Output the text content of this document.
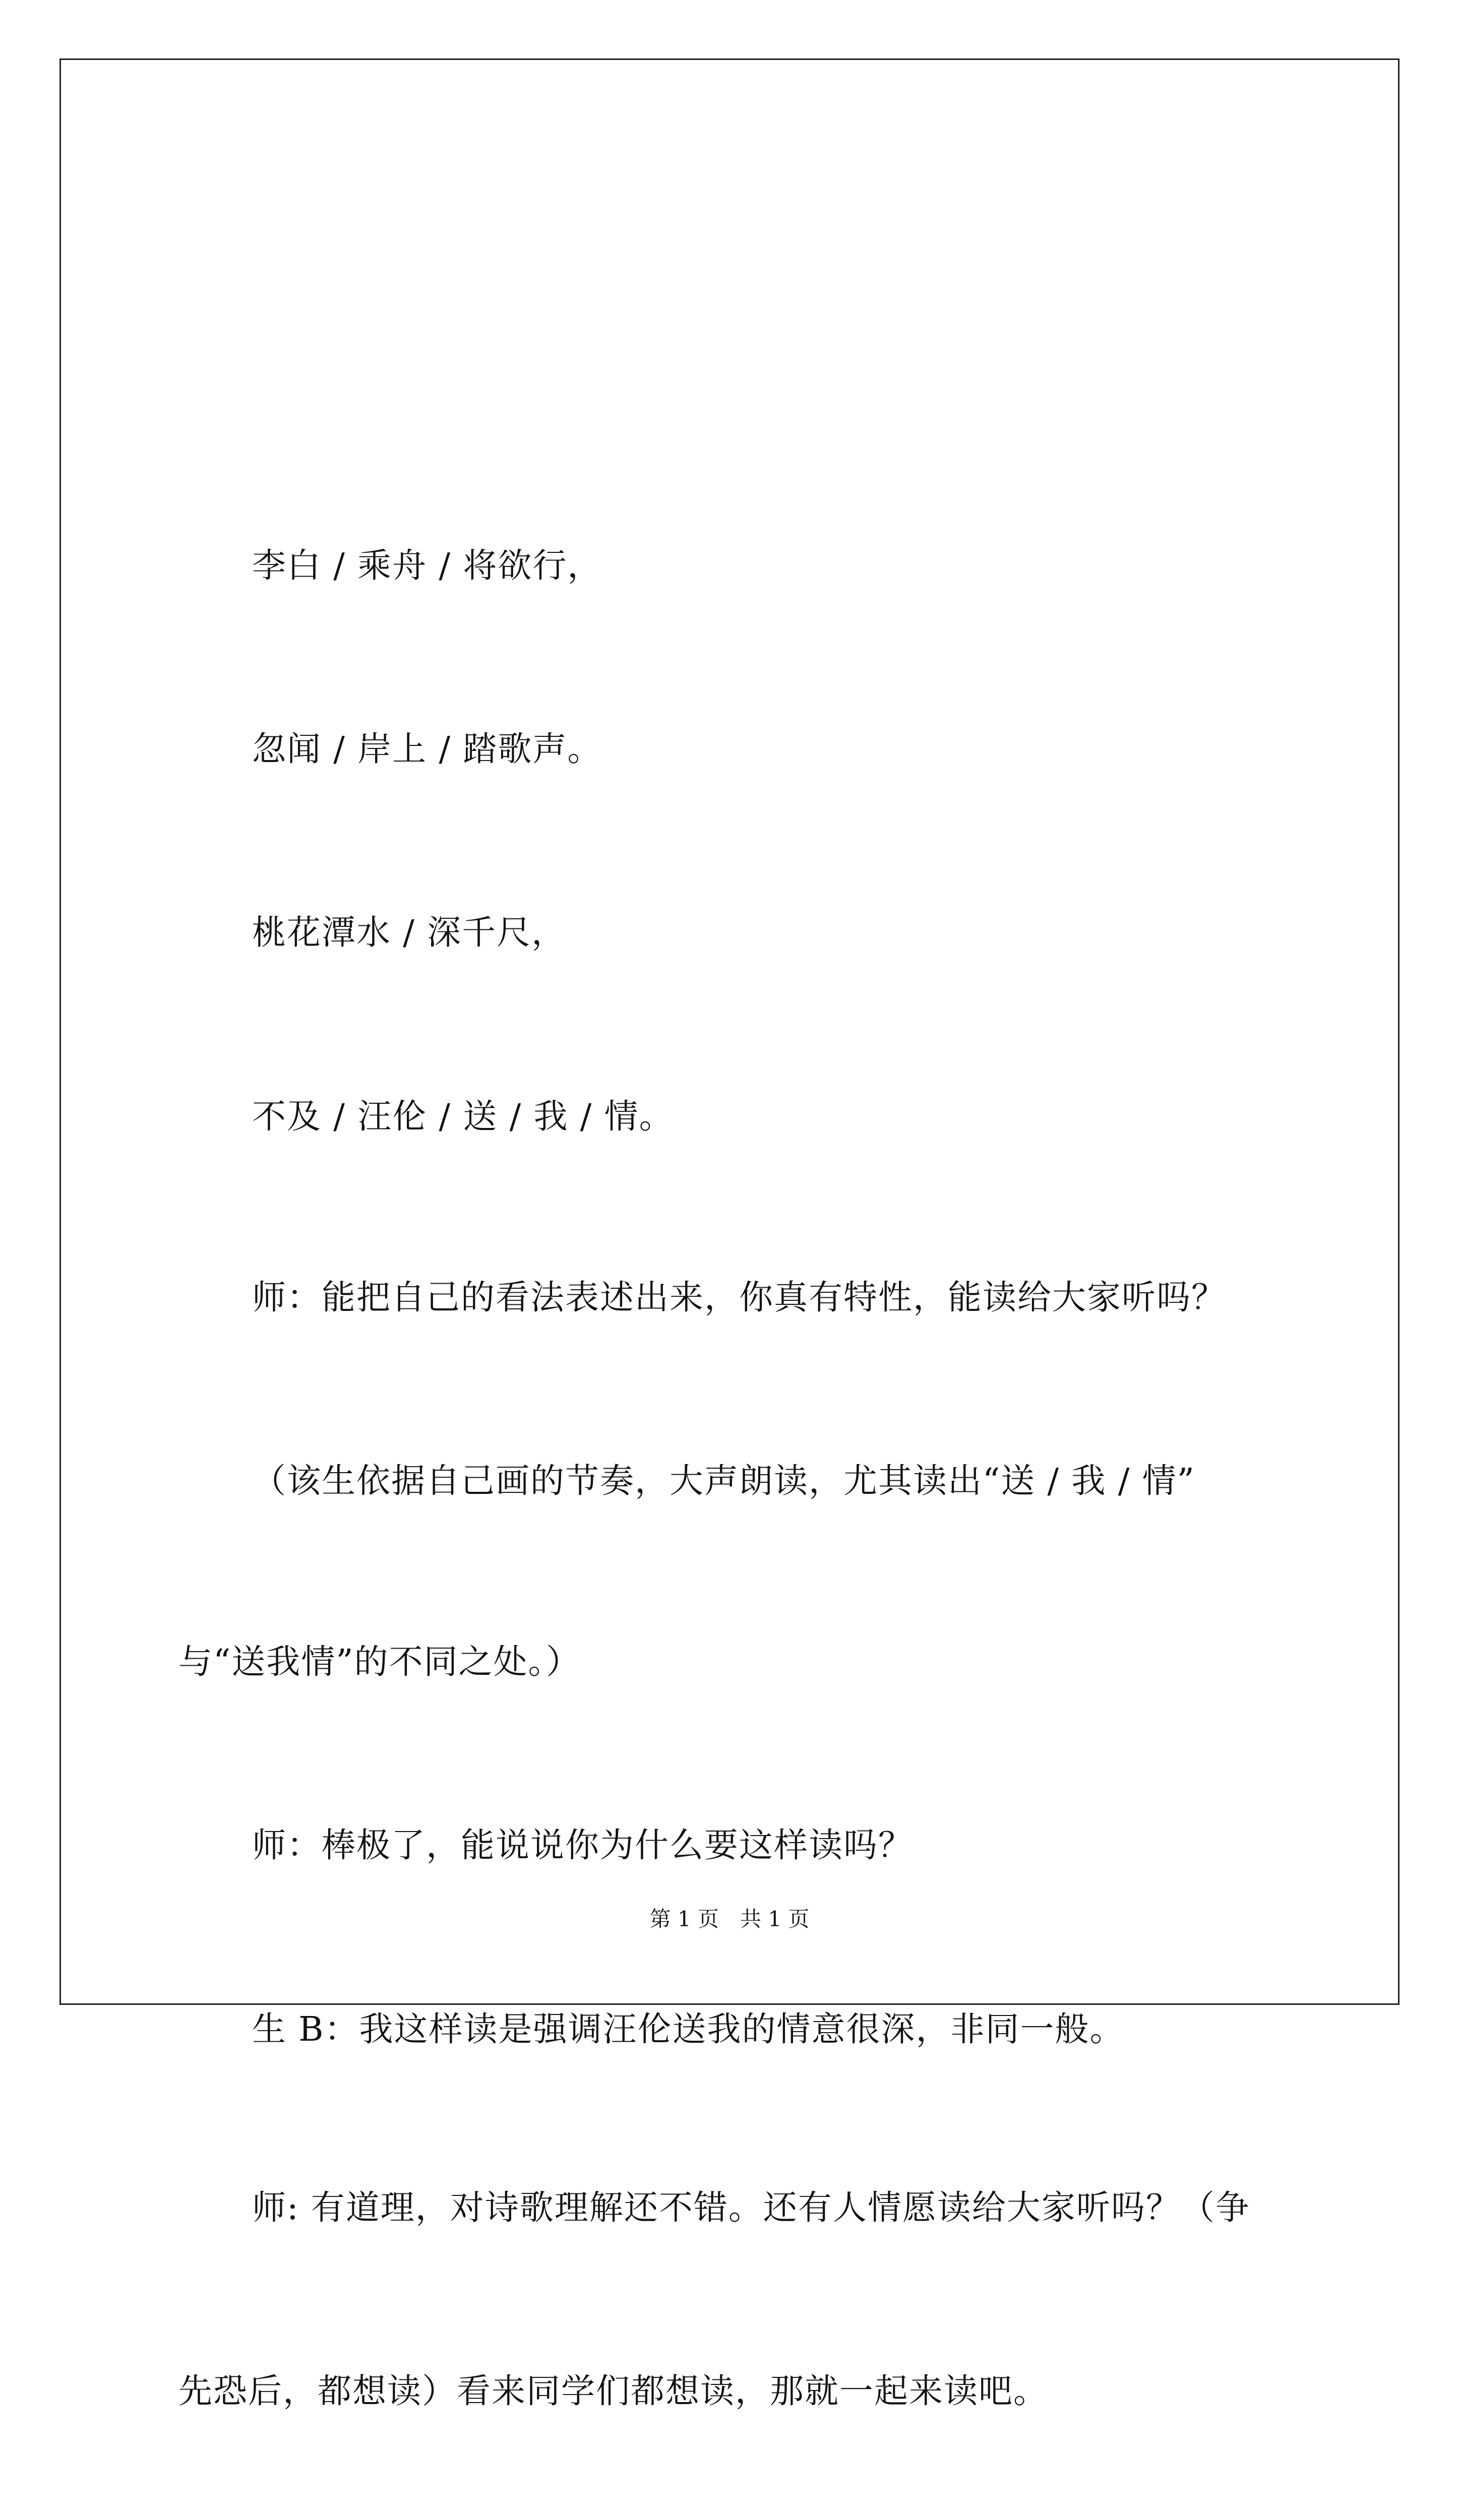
李白 / 乘舟 / 将欲行，
忽闻 / 岸上 / 踏歌声。
桃花潭水 / 深千尺，
不及 / 汪伦 / 送 / 我 / 情。
师：能把自己的看法表述出来，你真有特性，能读给大家听吗？
（该生依据自己画的节奏，大声朗读，尤其读出“送 / 我 / 情”
与“送我情”的不同之处。）
师：棒极了，能说说你为什么要这样读吗？
生 B：我这样读是强调汪伦送我的情意很深，非同一般。
师: 有道理，对诗歌理解还不错。还有人情愿读给大家听吗？（争
先恐后，都想读）看来同学们都想读，那就一起来读吧。
第 1 页　共 1 页
